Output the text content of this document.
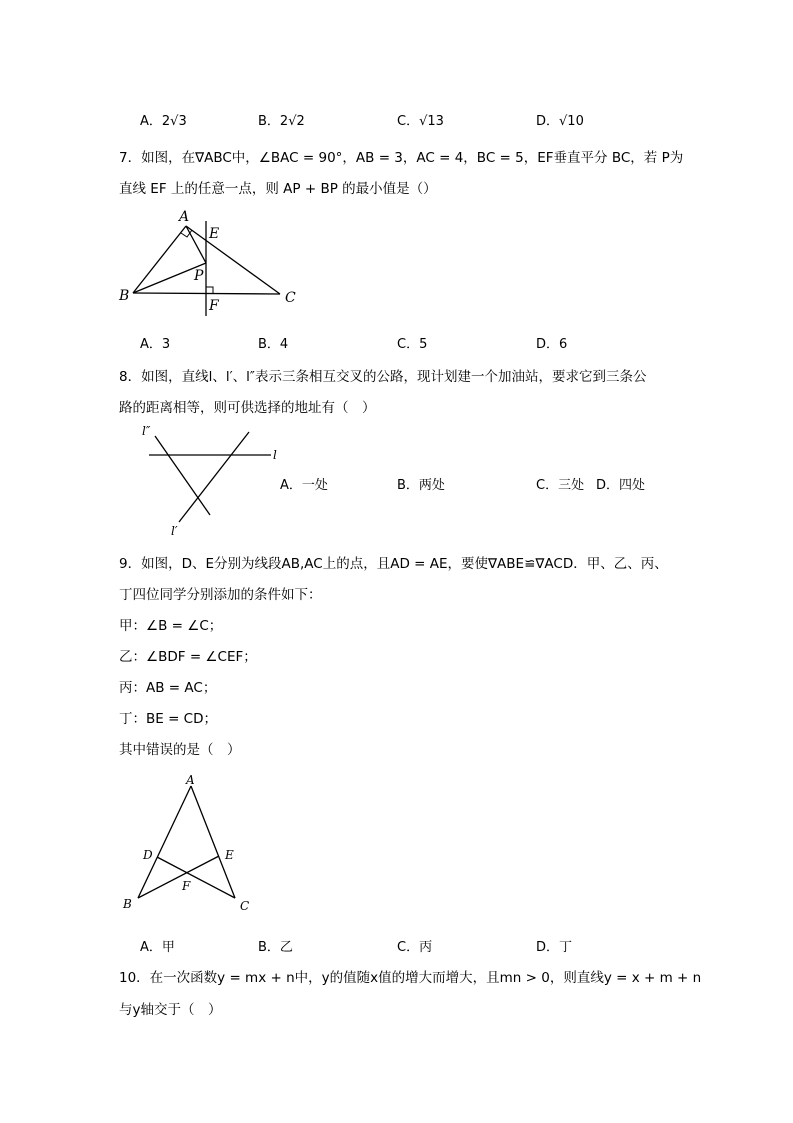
A．2√3	B．2√2	C．√13	D．√10
7．如图，在∇ABC中，∠BAC = 90°，AB = 3，AC = 4，BC = 5，EF垂直平分 BC，若 P为
直线 EF 上的任意一点，则 AP + BP 的最小值是（）
A
E
P
B
F	C
A．3	B．4	C．5	D．6
8．如图，直线l、l′、l″表示三条相互交叉的公路，现计划建一个加油站，要求它到三条公
路的距离相等，则可供选择的地址有（　）
l″
l
l′
A．一处	B．两处	C．三处 D．四处
9．如图，D、E分别为线段AB,AC上的点，且AD = AE，要使∇ABE≌∇ACD．甲、乙、丙、
丁四位同学分别添加的条件如下：
甲：∠B = ∠C；
乙：∠BDF = ∠CEF；
丙：AB = AC；
丁：BE = CD；
其中错误的是（　）
A
D	E
F
B	C
A．甲	B．乙	C．丙	D．丁
10．在一次函数y = mx + n中，y的值随x值的增大而增大，且mn > 0，则直线y = x + m + n
与y轴交于（　）
